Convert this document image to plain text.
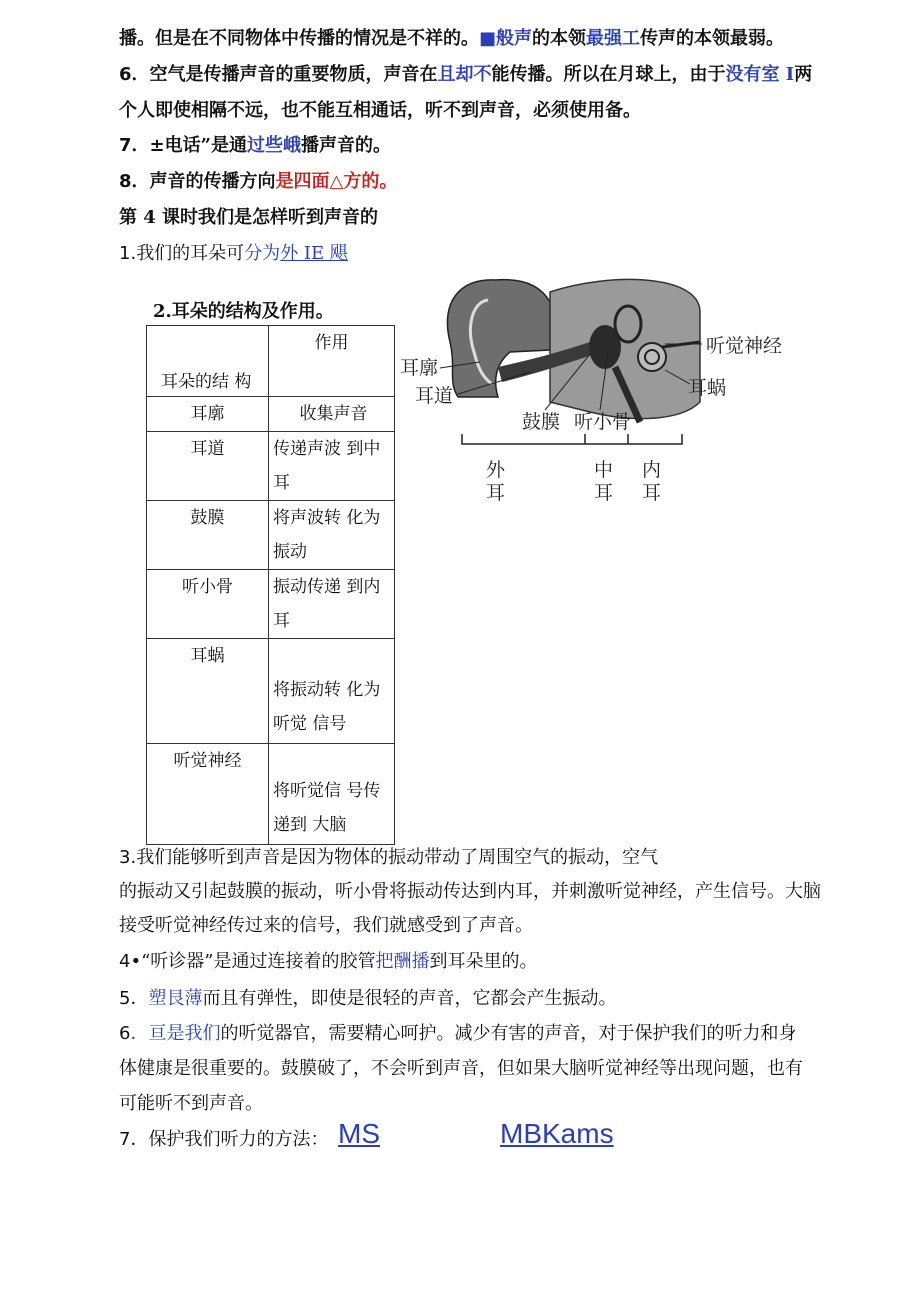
播。但是在不同物体中传播的情况是不祥的。■般声的本领最强工传声的本领最弱。
6．空气是传播声音的重要物质，声音在且却不能传播。所以在月球上，由于没有室 I两
个人即使相隔不远，也不能互相通话，听不到声音，必须使用备。
7．±电话”是通过些峨播声音的。
8．声音的传播方向是四面△方的。
第 4 课时我们是怎样听到声音的
1.我们的耳朵可分为外 IE 飓
2.耳朵的结构及作用。
耳朵的结 构	作用
耳廓	收集声音
耳道	传递声波 到中耳
鼓膜	将声波转 化为振动
听小骨	振动传递 到内耳
耳蜗	将振动转 化为听觉 信号
听觉神经	将听觉信 号传递到 大脑
耳廓
耳道
鼓膜 听小骨
听觉神经
耳蜗
外
耳
中
耳
内
耳
3.我们能够听到声音是因为物体的振动带动了周围空气的振动，空气
的振动又引起鼓膜的振动，听小骨将振动传达到内耳，并刺激听觉神经，产生信号。大脑
接受听觉神经传过来的信号，我们就感受到了声音。
4•“听诊器”是通过连接着的胶管把酬播到耳朵里的。
5．塑艮薄而且有弹性，即使是很轻的声音，它都会产生振动。
6．亘是我们的听觉器官，需要精心呵护。减少有害的声音，对于保护我们的听力和身
体健康是很重要的。鼓膜破了，不会听到声音，但如果大脑听觉神经等出现问题，也有
可能听不到声音。
7．保护我们听力的方法： MS	MBKams
